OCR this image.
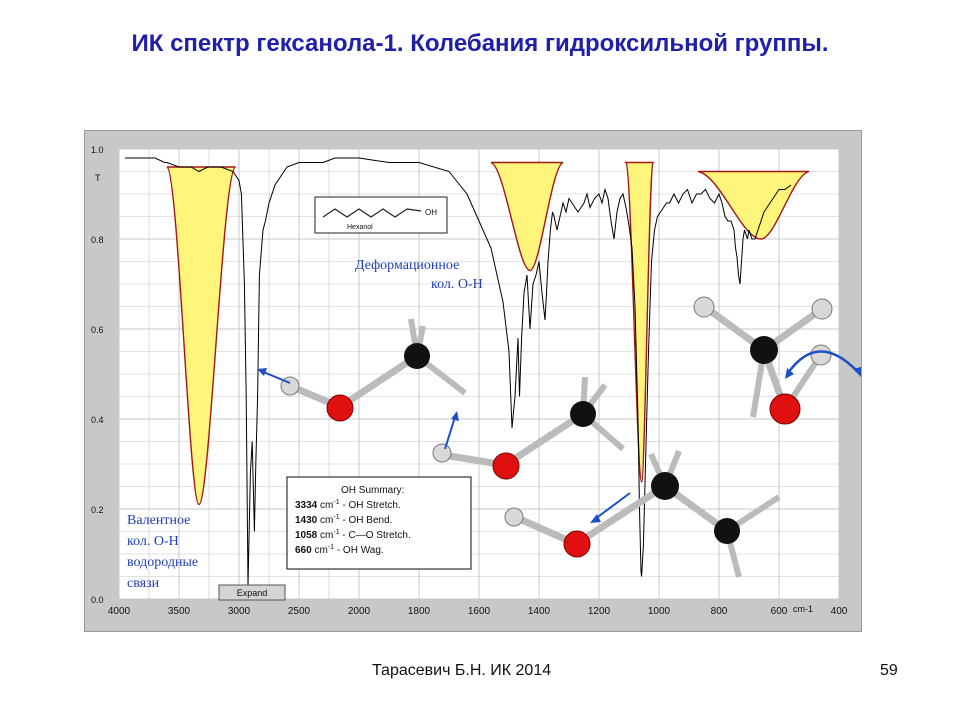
ИК спектр гексанола-1. Колебания гидроксильной группы.
1.0
0.8
0.6
0.4
0.2
0.0
4000	3500	3000	2500	2000	1800	1600	1400	1200	1000	800	600	400
cm-1
T
OH
Hexanol
Деформационное
кол. О-Н
Валентное
кол. О-Н
водородные
связи
Expand
OH Summary:
3334 $cm^{-1}$ - OH Stretch.
1430 $cm^{-1}$ - OH Bend.
1058 $cm^{-1}$ - C—O Stretch.
660 $cm^{-1}$ - OH Wag.
Тарасевич Б.Н. ИК 2014	59
